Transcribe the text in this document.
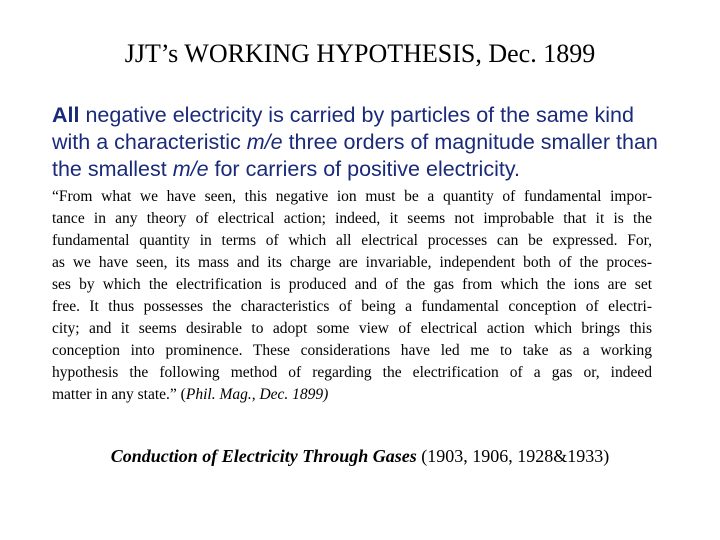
JJT’s WORKING HYPOTHESIS, Dec. 1899
All negative electricity is carried by particles of the same kind
with a characteristic m/e three orders of magnitude smaller than
the smallest m/e for carriers of positive electricity.
“From what we have seen, this negative ion must be a quantity of fundamental impor-
tance in any theory of electrical action; indeed, it seems not improbable that it is the
fundamental quantity in terms of which all electrical processes can be expressed. For,
as we have seen, its mass and its charge are invariable, independent both of the proces-
ses by which the electrification is produced and of the gas from which the ions are set
free. It thus possesses the characteristics of being a fundamental conception of electri-
city; and it seems desirable to adopt some view of electrical action which brings this
conception into prominence. These considerations have led me to take as a working
hypothesis the following method of regarding the electrification of a gas or, indeed
matter in any state.” (Phil. Mag., Dec. 1899)
Conduction of Electricity Through Gases (1903, 1906, 1928&1933)
